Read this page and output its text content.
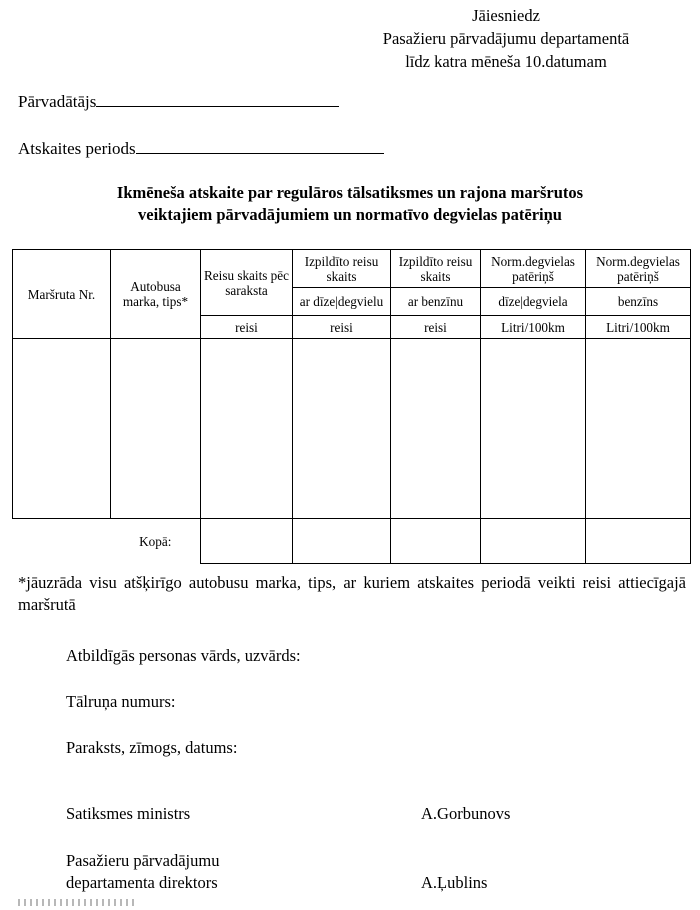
Jāiesniedz
Pasažieru pārvadājumu departamentā
līdz katra mēneša 10.datumam
Pārvadātājs
Atskaites periods
Ikmēneša atskaite par regulāros tālsatiksmes un rajona maršrutos
veiktajiem pārvadājumiem un normatīvo degvielas patēriņu
Maršruta Nr.	Autobusa marka, tips*	Reisu skaits pēc saraksta	Izpildīto reisu skaits	Izpildīto reisu skaits	Norm.degvielas patēriņš	Norm.degvielas patēriņš
			ar dīze|degvielu	ar benzīnu	dīze|degviela	benzīns
		reisi	reisi	reisi	Litri/100km	Litri/100km

	Kopā:					
*jāuzrāda visu atšķirīgo autobusu marka, tips, ar kuriem atskaites periodā veikti reisi attiecīgajā maršrutā
Atbildīgās personas vārds, uzvārds:
Tālruņa numurs:
Paraksts, zīmogs, datums:
Satiksmes ministrs	A.Gorbunovs
Pasažieru pārvadājumu
departamenta direktors	A.Ļublins
